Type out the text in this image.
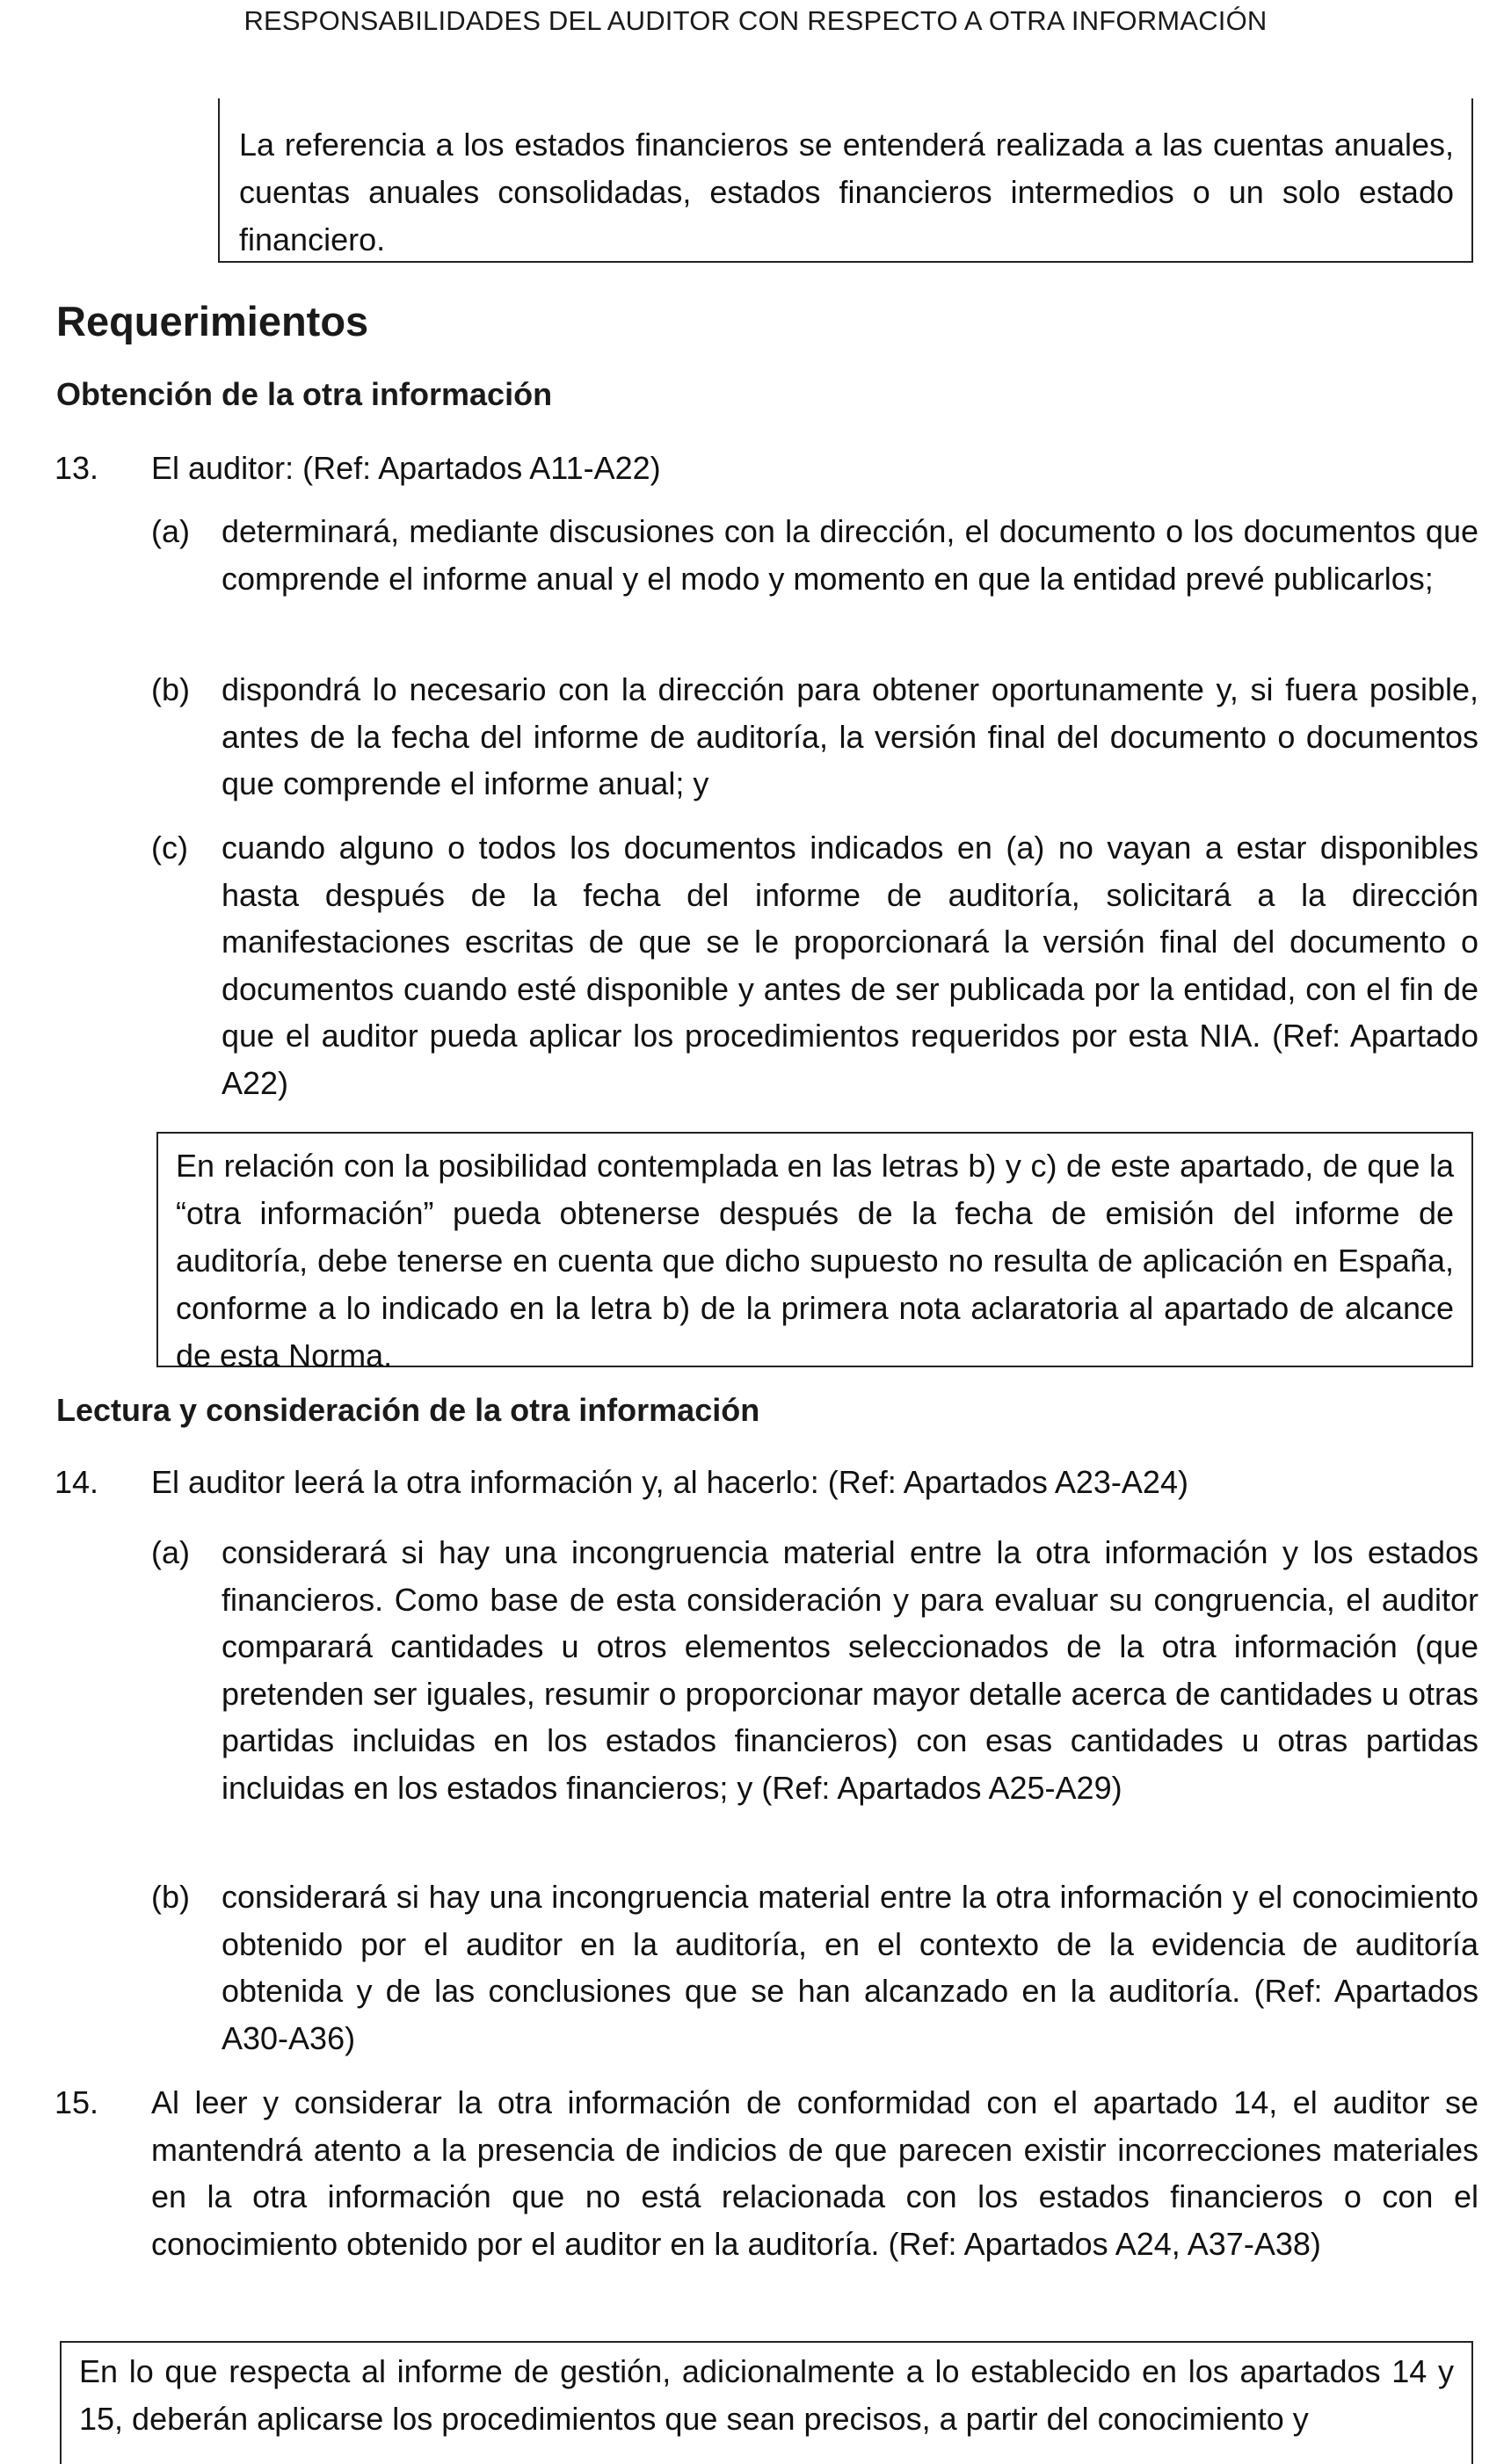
RESPONSABILIDADES DEL AUDITOR CON RESPECTO A OTRA INFORMACIÓN
La referencia a los estados financieros se entenderá realizada a las cuentas anuales, cuentas anuales consolidadas, estados financieros intermedios o un solo estado financiero.
Requerimientos
Obtención de la otra información
13. El auditor: (Ref: Apartados A11-A22)
(a) determinará, mediante discusiones con la dirección, el documento o los documentos que comprende el informe anual y el modo y momento en que la entidad prevé publicarlos;
(b) dispondrá lo necesario con la dirección para obtener oportunamente y, si fuera posible, antes de la fecha del informe de auditoría, la versión final del documento o documentos que comprende el informe anual; y
(c) cuando alguno o todos los documentos indicados en (a) no vayan a estar disponibles hasta después de la fecha del informe de auditoría, solicitará a la dirección manifestaciones escritas de que se le proporcionará la versión final del documento o documentos cuando esté disponible y antes de ser publicada por la entidad, con el fin de que el auditor pueda aplicar los procedimientos requeridos por esta NIA. (Ref: Apartado A22)
En relación con la posibilidad contemplada en las letras b) y c) de este apartado, de que la “otra información” pueda obtenerse después de la fecha de emisión del informe de auditoría, debe tenerse en cuenta que dicho supuesto no resulta de aplicación en España, conforme a lo indicado en la letra b) de la primera nota aclaratoria al apartado de alcance de esta Norma.
Lectura y consideración de la otra información
14. El auditor leerá la otra información y, al hacerlo: (Ref: Apartados A23-A24)
(a) considerará si hay una incongruencia material entre la otra información y los estados financieros. Como base de esta consideración y para evaluar su congruencia, el auditor comparará cantidades u otros elementos seleccionados de la otra información (que pretenden ser iguales, resumir o proporcionar mayor detalle acerca de cantidades u otras partidas incluidas en los estados financieros) con esas cantidades u otras partidas incluidas en los estados financieros; y (Ref: Apartados A25-A29)
(b) considerará si hay una incongruencia material entre la otra información y el conocimiento obtenido por el auditor en la auditoría, en el contexto de la evidencia de auditoría obtenida y de las conclusiones que se han alcanzado en la auditoría. (Ref: Apartados A30-A36)
15. Al leer y considerar la otra información de conformidad con el apartado 14, el auditor se mantendrá atento a la presencia de indicios de que parecen existir incorrecciones materiales en la otra información que no está relacionada con los estados financieros o con el conocimiento obtenido por el auditor en la auditoría. (Ref: Apartados A24, A37-A38)
En lo que respecta al informe de gestión, adicionalmente a lo establecido en los apartados 14 y 15, deberán aplicarse los procedimientos que sean precisos, a partir del conocimiento y
